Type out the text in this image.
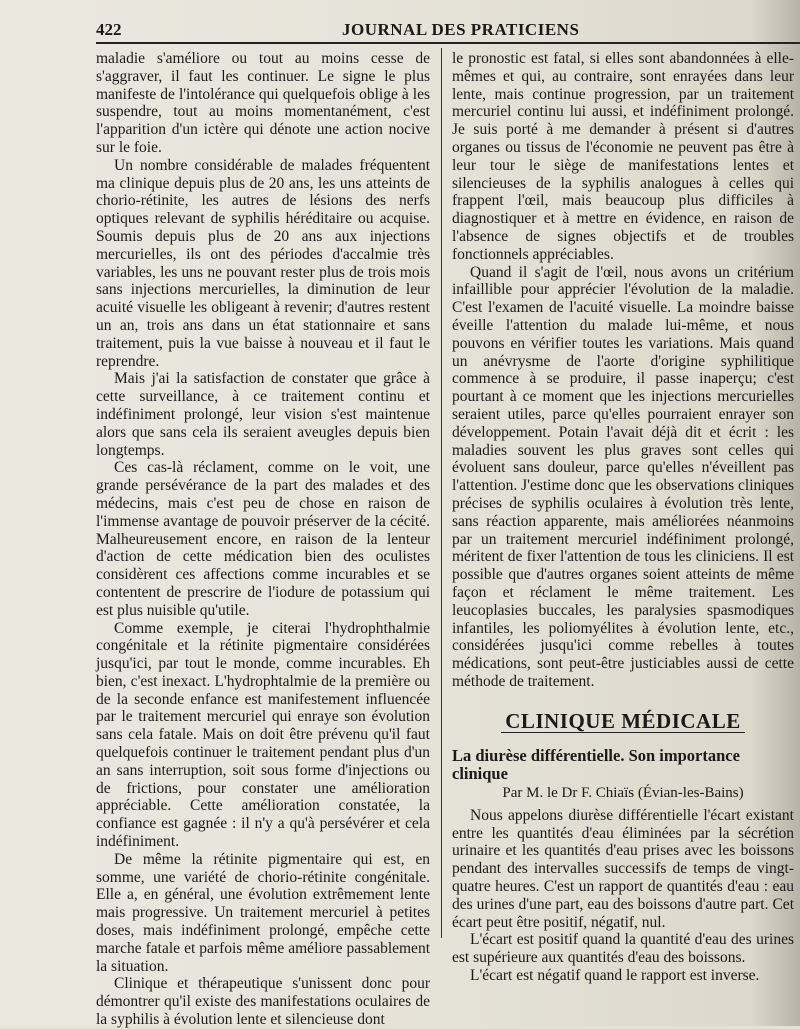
422	JOURNAL DES PRATICIENS

maladie s'améliore ou tout au moins cesse de s'aggraver, il faut les continuer. Le signe le plus manifeste de l'intolérance qui quelquefois oblige à les suspendre, tout au moins momentanément, c'est l'apparition d'un ictère qui dénote une action nocive sur le foie.

Un nombre considérable de malades fréquentent ma clinique depuis plus de 20 ans, les uns atteints de chorio-rétinite, les autres de lésions des nerfs optiques relevant de syphilis héréditaire ou acquise. Soumis depuis plus de 20 ans aux injections mercurielles, ils ont des périodes d'accalmie très variables, les uns ne pouvant rester plus de trois mois sans injections mercurielles, la diminution de leur acuité visuelle les obligeant à revenir; d'autres restent un an, trois ans dans un état stationnaire et sans traitement, puis la vue baisse à nouveau et il faut le reprendre.

Mais j'ai la satisfaction de constater que grâce à cette surveillance, à ce traitement continu et indéfiniment prolongé, leur vision s'est maintenue alors que sans cela ils seraient aveugles depuis bien longtemps.

Ces cas-là réclament, comme on le voit, une grande persévérance de la part des malades et des médecins, mais c'est peu de chose en raison de l'immense avantage de pouvoir préserver de la cécité. Malheureusement encore, en raison de la lenteur d'action de cette médication bien des oculistes considèrent ces affections comme incurables et se contentent de prescrire de l'iodure de potassium qui est plus nuisible qu'utile.

Comme exemple, je citerai l'hydrophthalmie congénitale et la rétinite pigmentaire considérées jusqu'ici, par tout le monde, comme incurables. Eh bien, c'est inexact. L'hydrophtalmie de la première ou de la seconde enfance est manifestement influencée par le traitement mercuriel qui enraye son évolution sans cela fatale. Mais on doit être prévenu qu'il faut quelquefois continuer le traitement pendant plus d'un an sans interruption, soit sous forme d'injections ou de frictions, pour constater une amélioration appréciable. Cette amélioration constatée, la confiance est gagnée : il n'y a qu'à persévérer et cela indéfiniment.

De même la rétinite pigmentaire qui est, en somme, une variété de chorio-rétinite congénitale. Elle a, en général, une évolution extrêmement lente mais progressive. Un traitement mercuriel à petites doses, mais indéfiniment prolongé, empêche cette marche fatale et parfois même améliore passablement la situation.

Clinique et thérapeutique s'unissent donc pour démontrer qu'il existe des manifestations oculaires de la syphilis à évolution lente et silencieuse dont

le pronostic est fatal, si elles sont abandonnées à elle-mêmes et qui, au contraire, sont enrayées dans leur lente, mais continue progression, par un traitement mercuriel continu lui aussi, et indéfiniment prolongé. Je suis porté à me demander à présent si d'autres organes ou tissus de l'économie ne peuvent pas être à leur tour le siège de manifestations lentes et silencieuses de la syphilis analogues à celles qui frappent l'œil, mais beaucoup plus difficiles à diagnostiquer et à mettre en évidence, en raison de l'absence de signes objectifs et de troubles fonctionnels appréciables.

Quand il s'agit de l'œil, nous avons un critérium infaillible pour apprécier l'évolution de la maladie. C'est l'examen de l'acuité visuelle. La moindre baisse éveille l'attention du malade lui-même, et nous pouvons en vérifier toutes les variations. Mais quand un anévrysme de l'aorte d'origine syphilitique commence à se produire, il passe inaperçu; c'est pourtant à ce moment que les injections mercurielles seraient utiles, parce qu'elles pourraient enrayer son développement. Potain l'avait déjà dit et écrit : les maladies souvent les plus graves sont celles qui évoluent sans douleur, parce qu'elles n'éveillent pas l'attention. J'estime donc que les observations cliniques précises de syphilis oculaires à évolution très lente, sans réaction apparente, mais améliorées néanmoins par un traitement mercuriel indéfiniment prolongé, méritent de fixer l'attention de tous les cliniciens. Il est possible que d'autres organes soient atteints de même façon et réclament le même traitement. Les leucoplasies buccales, les paralysies spasmodiques infantiles, les poliomyélites à évolution lente, etc., considérées jusqu'ici comme rebelles à toutes médications, sont peut-être justiciables aussi de cette méthode de traitement.

CLINIQUE MÉDICALE

La diurèse différentielle. Son importance clinique

Par M. le Dr F. Chiaïs (Évian-les-Bains)

Nous appelons diurèse différentielle l'écart existant entre les quantités d'eau éliminées par la sécrétion urinaire et les quantités d'eau prises avec les boissons pendant des intervalles successifs de temps de vingt-quatre heures. C'est un rapport de quantités d'eau : eau des urines d'une part, eau des boissons d'autre part. Cet écart peut être positif, négatif, nul.

L'écart est positif quand la quantité d'eau des urines est supérieure aux quantités d'eau des boissons.

L'écart est négatif quand le rapport est inverse.
